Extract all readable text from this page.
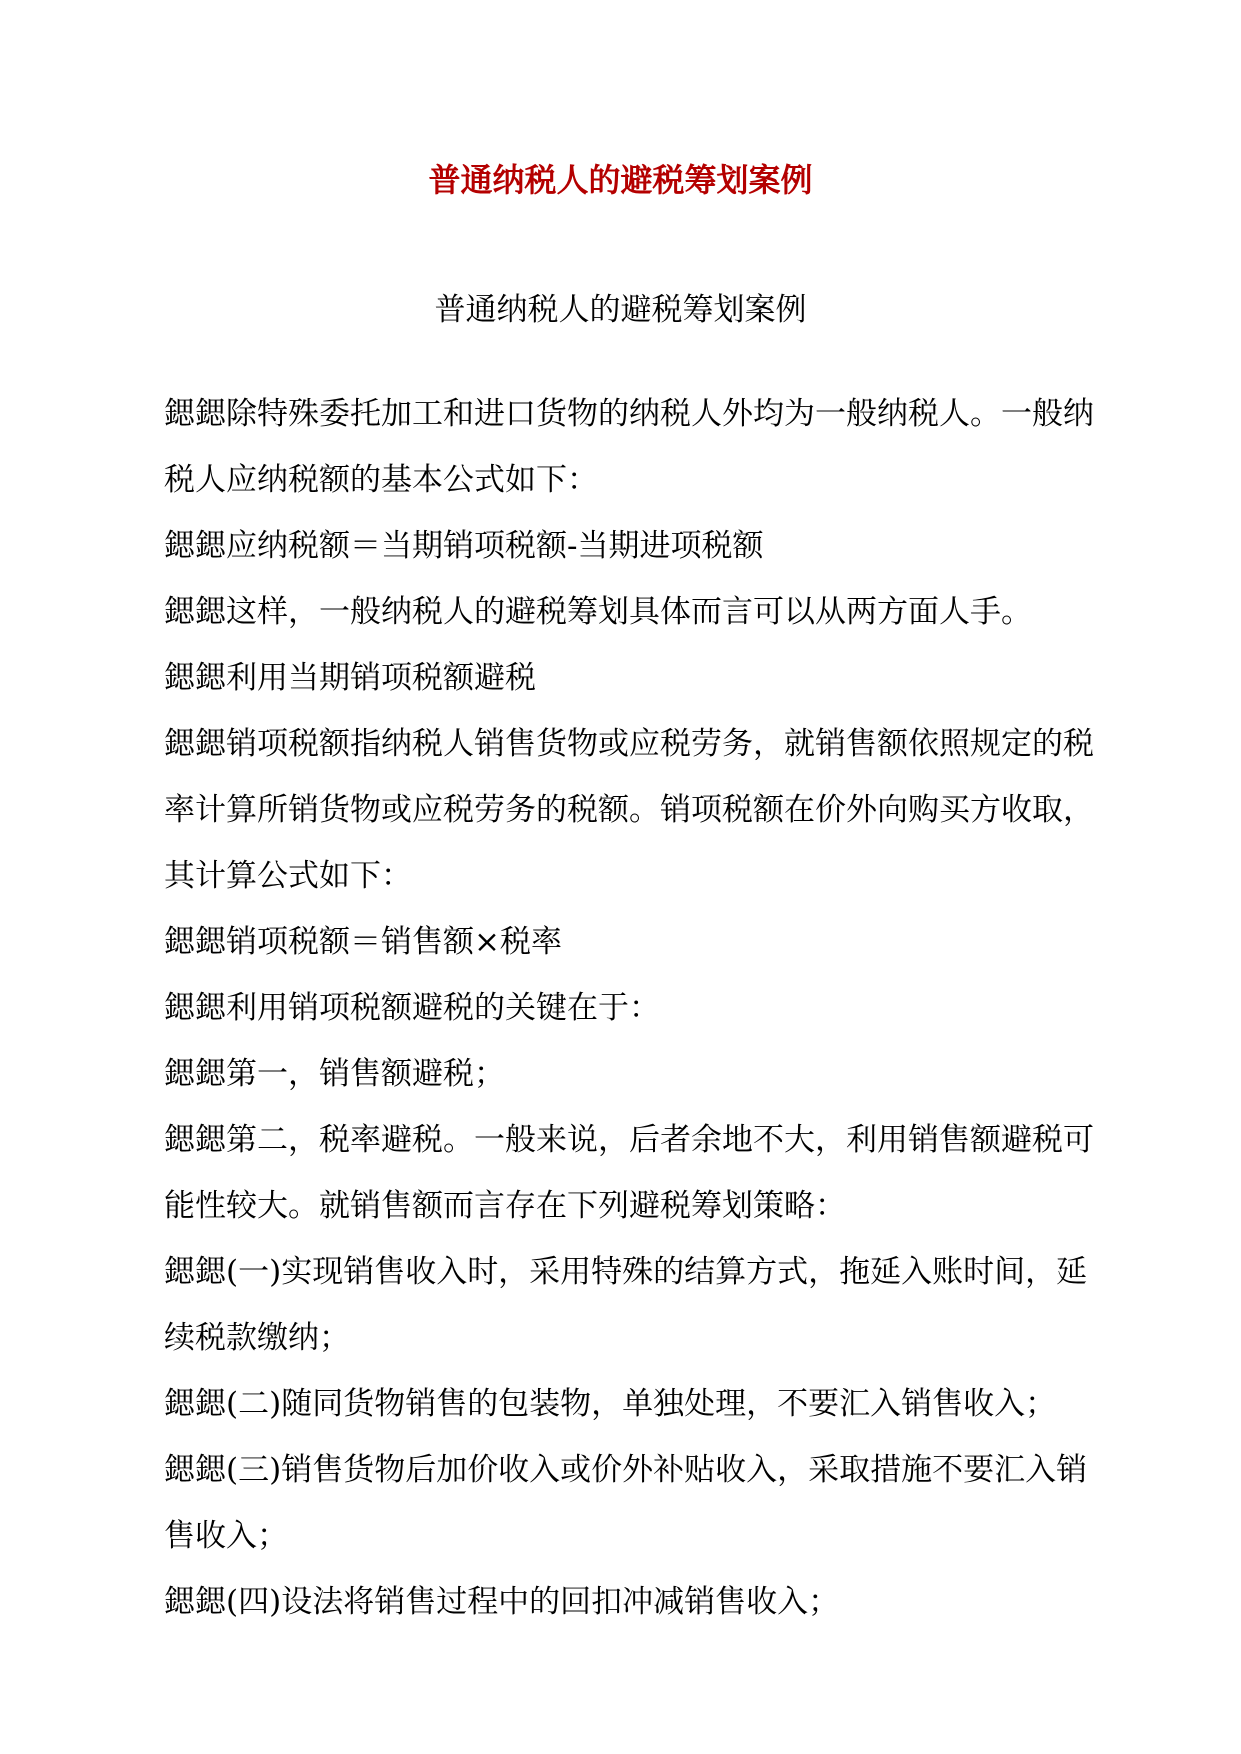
普通纳税人的避税筹划案例
普通纳税人的避税筹划案例

鍶鍶除特殊委托加工和进口货物的纳税人外均为一般纳税人。一般纳税人应纳税额的基本公式如下：

鍶鍶应纳税额＝当期销项税额-当期进项税额

鍶鍶这样，一般纳税人的避税筹划具体而言可以从两方面人手。

鍶鍶利用当期销项税额避税

鍶鍶销项税额指纳税人销售货物或应税劳务，就销售额依照规定的税率计算所销货物或应税劳务的税额。销项税额在价外向购买方收取，其计算公式如下：

鍶鍶销项税额＝销售额×税率

鍶鍶利用销项税额避税的关键在于：

鍶鍶第一，销售额避税；

鍶鍶第二，税率避税。一般来说，后者余地不大，利用销售额避税可能性较大。就销售额而言存在下列避税筹划策略：

鍶鍶(一)实现销售收入时，采用特殊的结算方式，拖延入账时间，延续税款缴纳；

鍶鍶(二)随同货物销售的包装物，单独处理，不要汇入销售收入；

鍶鍶(三)销售货物后加价收入或价外补贴收入，采取措施不要汇入销售收入；

鍶鍶(四)设法将销售过程中的回扣冲减销售收入；
